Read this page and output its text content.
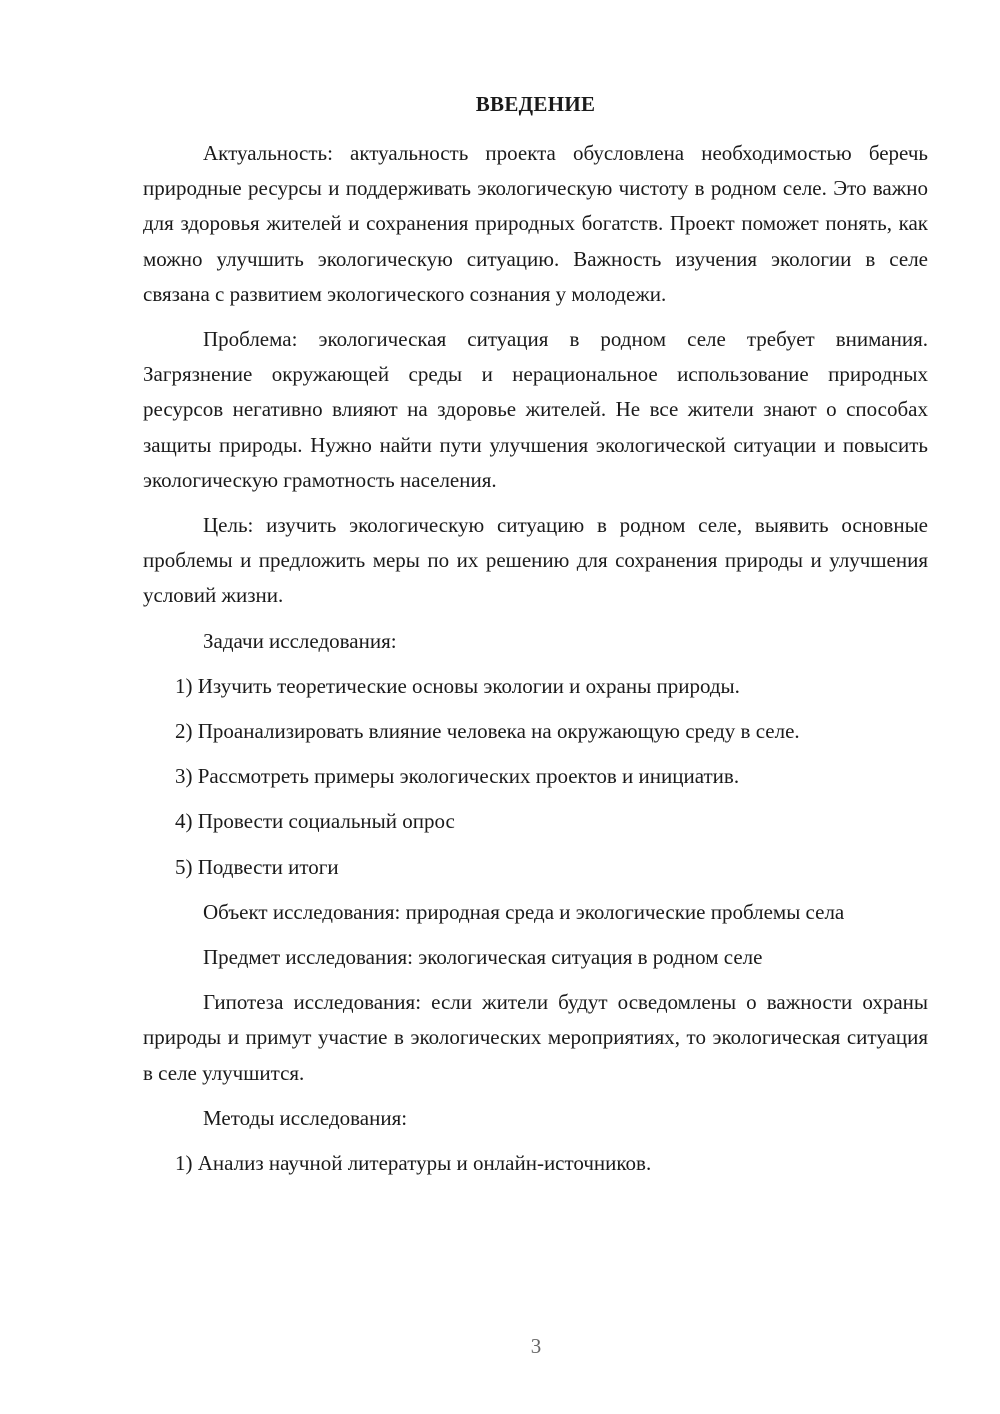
ВВЕДЕНИЕ

Актуальность: актуальность проекта обусловлена необходимостью беречь природные ресурсы и поддерживать экологическую чистоту в родном селе. Это важно для здоровья жителей и сохранения природных богатств. Проект поможет понять, как можно улучшить экологическую ситуацию. Важность изучения экологии в селе связана с развитием экологического сознания у молодежи.

Проблема: экологическая ситуация в родном селе требует внимания. Загрязнение окружающей среды и нерациональное использование природных ресурсов негативно влияют на здоровье жителей. Не все жители знают о способах защиты природы. Нужно найти пути улучшения экологической ситуации и повысить экологическую грамотность населения.

Цель: изучить экологическую ситуацию в родном селе, выявить основные проблемы и предложить меры по их решению для сохранения природы и улучшения условий жизни.

Задачи исследования:

1) Изучить теоретические основы экологии и охраны природы.
2) Проанализировать влияние человека на окружающую среду в селе.
3) Рассмотреть примеры экологических проектов и инициатив.
4) Провести социальный опрос
5) Подвести итоги

Объект исследования: природная среда и экологические проблемы села

Предмет исследования: экологическая ситуация в родном селе

Гипотеза исследования: если жители будут осведомлены о важности охраны природы и примут участие в экологических мероприятиях, то экологическая ситуация в селе улучшится.

Методы исследования:

1) Анализ научной литературы и онлайн-источников.
3
